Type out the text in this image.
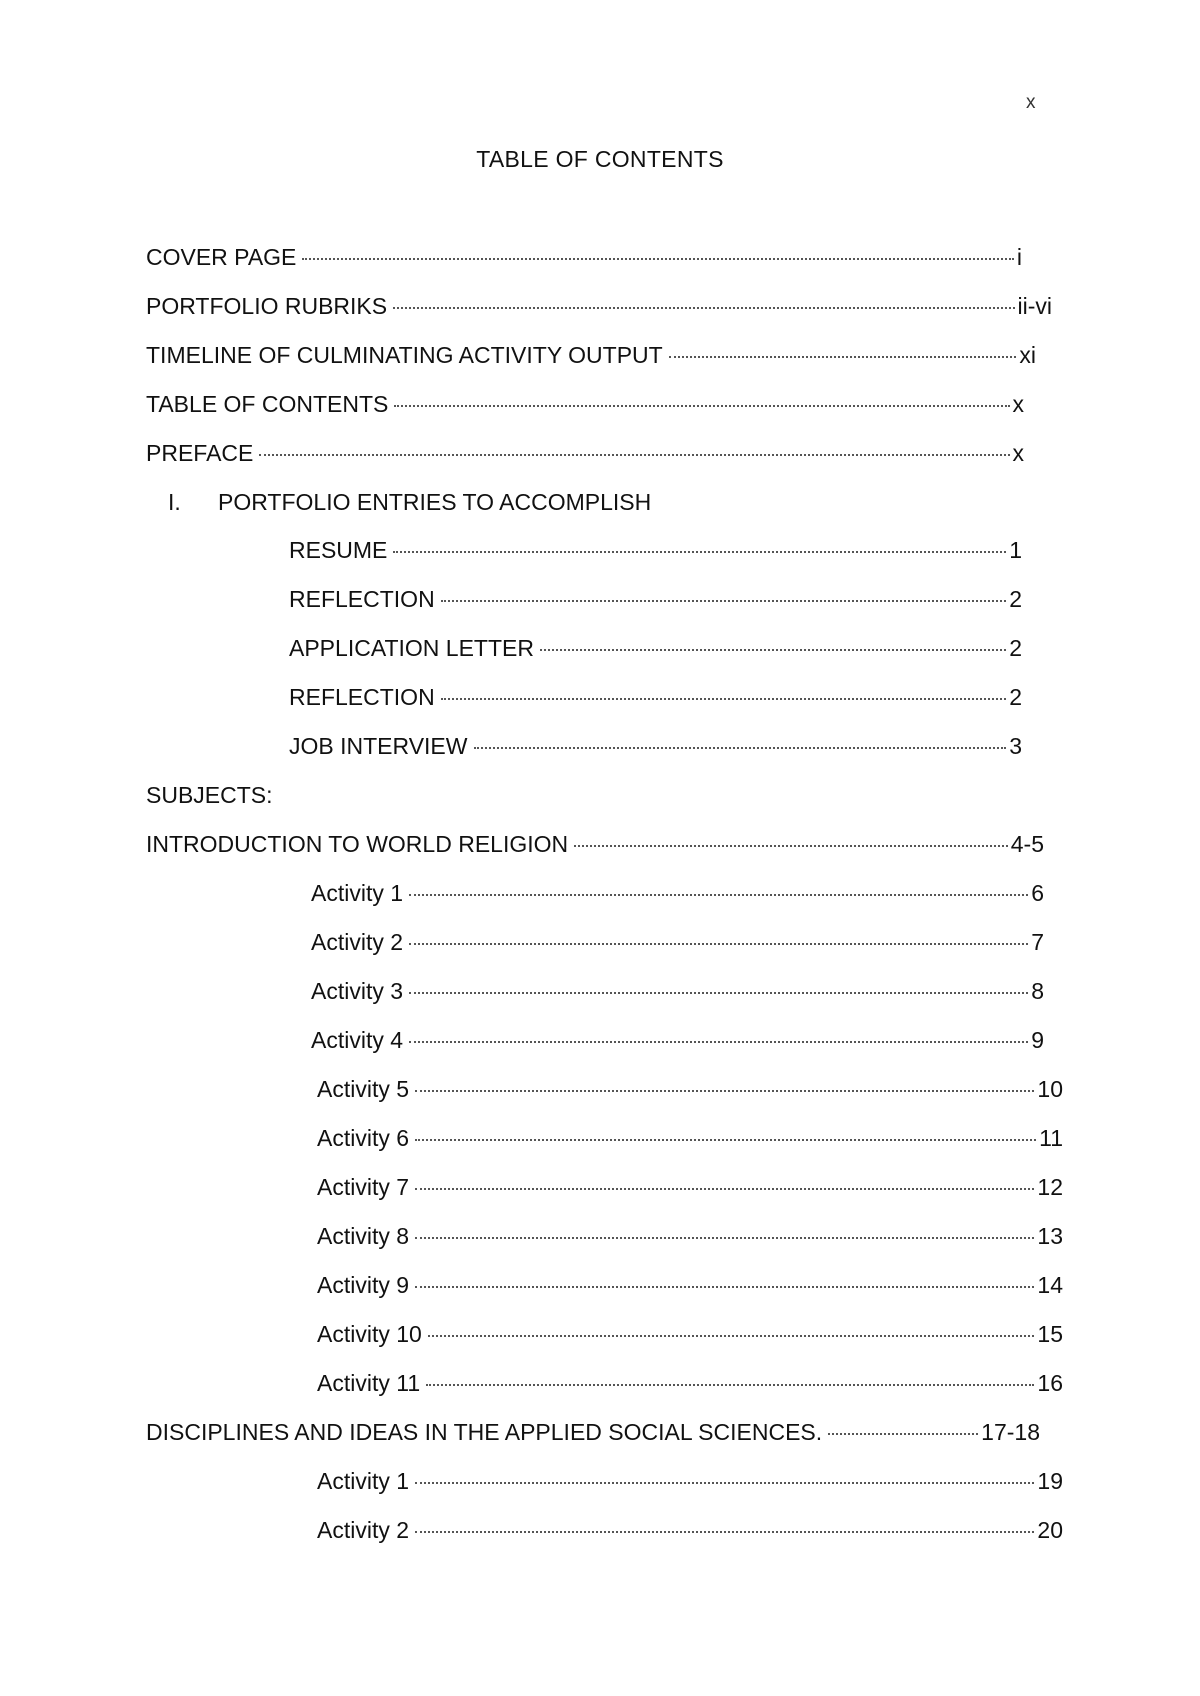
x
TABLE OF CONTENTS
COVER PAGE	i
PORTFOLIO RUBRIKS	ii-vi
TIMELINE OF CULMINATING ACTIVITY OUTPUT	xi
TABLE OF CONTENTS	x
PREFACE	x
I. PORTFOLIO ENTRIES TO ACCOMPLISH
RESUME	1
REFLECTION	2
APPLICATION LETTER	2
REFLECTION	2
JOB INTERVIEW	3
SUBJECTS:
INTRODUCTION TO WORLD RELIGION	4-5
Activity 1	6
Activity 2	7
Activity 3	8
Activity 4	9
Activity 5	10
Activity 6	11
Activity 7	12
Activity 8	13
Activity 9	14
Activity 10	15
Activity 11	16
DISCIPLINES AND IDEAS IN THE APPLIED SOCIAL SCIENCES.	17-18
Activity 1	19
Activity 2	20
